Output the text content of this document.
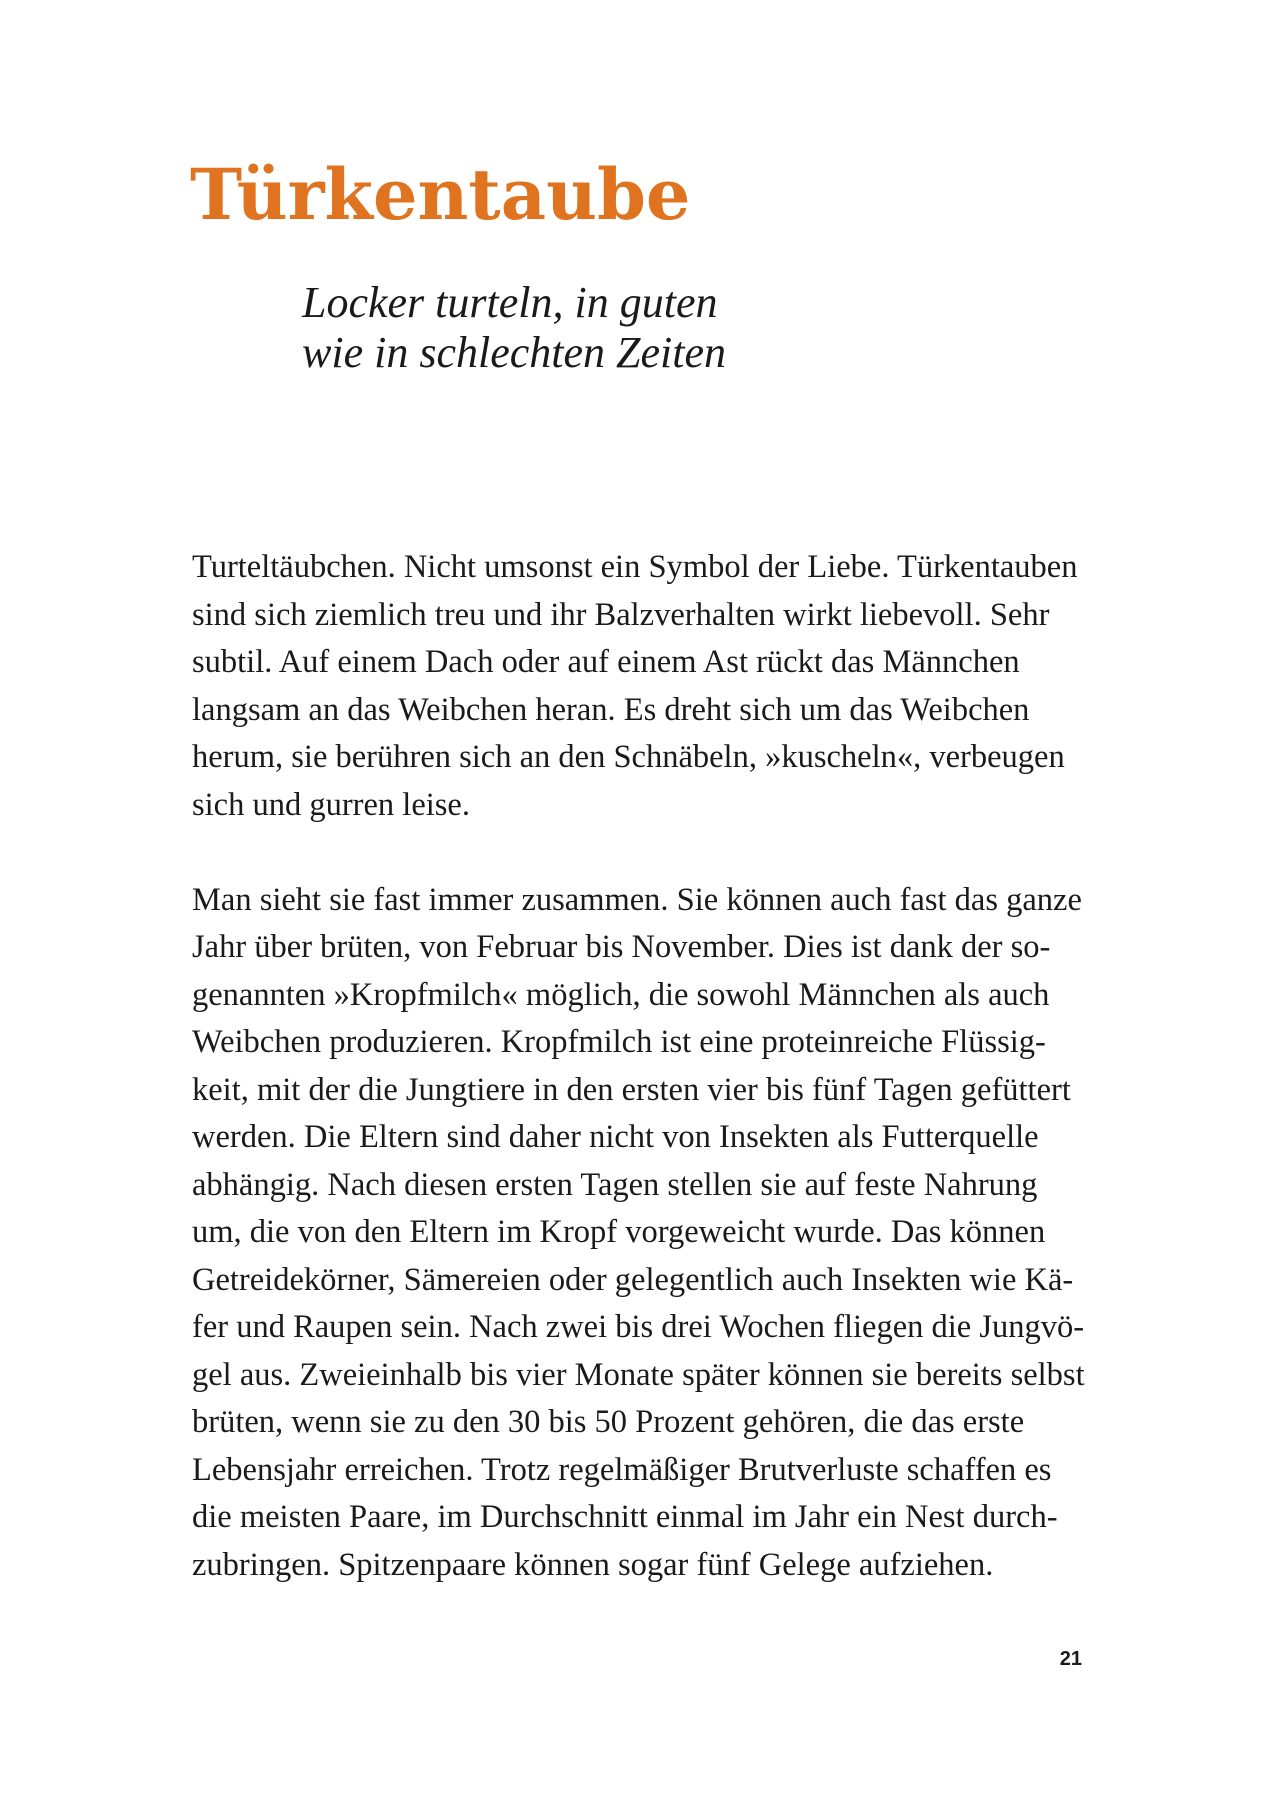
Türkentaube
Locker turteln, in guten
wie in schlechten Zeiten

Turteltäubchen. Nicht umsonst ein Symbol der Liebe. Türkentauben
sind sich ziemlich treu und ihr Balzverhalten wirkt liebevoll. Sehr
subtil. Auf einem Dach oder auf einem Ast rückt das Männchen
langsam an das Weibchen heran. Es dreht sich um das Weibchen
herum, sie berühren sich an den Schnäbeln, »kuscheln«, verbeugen
sich und gurren leise.

Man sieht sie fast immer zusammen. Sie können auch fast das ganze
Jahr über brüten, von Februar bis November. Dies ist dank der so-
genannten »Kropfmilch« möglich, die sowohl Männchen als auch
Weibchen produzieren. Kropfmilch ist eine proteinreiche Flüssig-
keit, mit der die Jungtiere in den ersten vier bis fünf Tagen gefüttert
werden. Die Eltern sind daher nicht von Insekten als Futterquelle
abhängig. Nach diesen ersten Tagen stellen sie auf feste Nahrung
um, die von den Eltern im Kropf vorgeweicht wurde. Das können
Getreidekörner, Sämereien oder gelegentlich auch Insekten wie Kä-
fer und Raupen sein. Nach zwei bis drei Wochen fliegen die Jungvö-
gel aus. Zweieinhalb bis vier Monate später können sie bereits selbst
brüten, wenn sie zu den 30 bis 50 Prozent gehören, die das erste
Lebensjahr erreichen. Trotz regelmäßiger Brutverluste schaffen es
die meisten Paare, im Durchschnitt einmal im Jahr ein Nest durch-
zubringen. Spitzenpaare können sogar fünf Gelege aufziehen.

21
